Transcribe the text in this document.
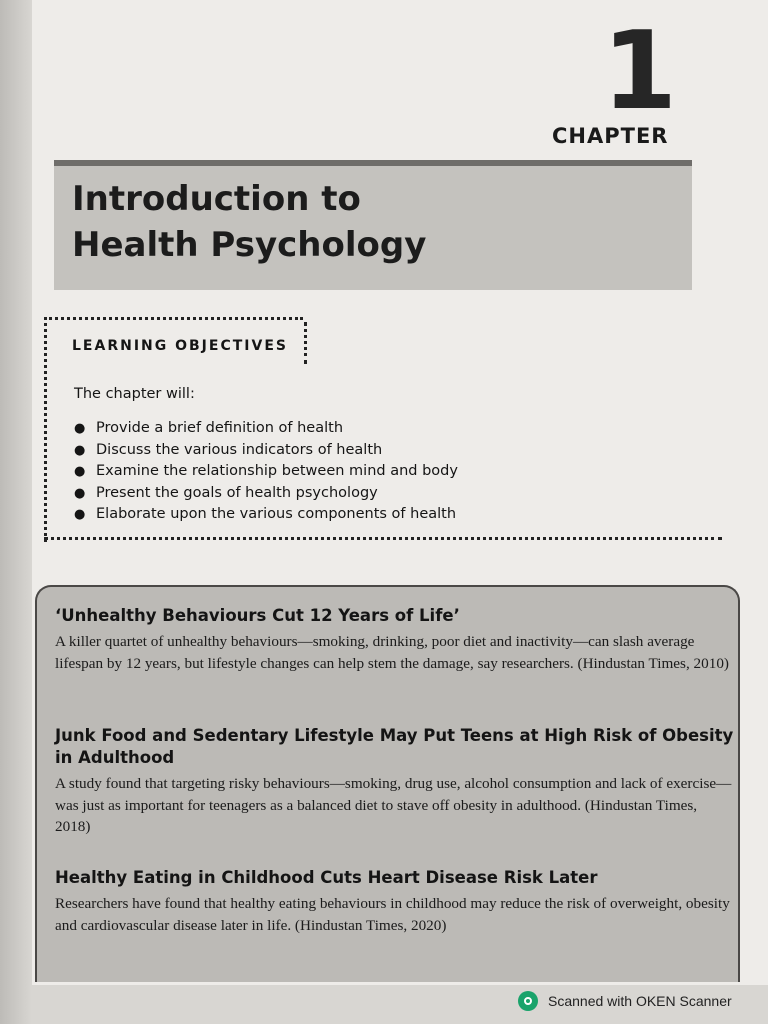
1
CHAPTER
Introduction to
Health Psychology
LEARNING OBJECTIVES
The chapter will:
● Provide a brief definition of health
● Discuss the various indicators of health
● Examine the relationship between mind and body
● Present the goals of health psychology
● Elaborate upon the various components of health

‘Unhealthy Behaviours Cut 12 Years of Life’

A killer quartet of unhealthy behaviours—smoking, drinking, poor diet and inactivity—can slash average lifespan by 12 years, but lifestyle changes can help stem the damage, say researchers. (Hindustan Times, 2010)

Junk Food and Sedentary Lifestyle May Put Teens at High Risk of Obesity in Adulthood

A study found that targeting risky behaviours—smoking, drug use, alcohol consumption and lack of exercise—was just as important for teenagers as a balanced diet to stave off obesity in adulthood. (Hindustan Times, 2018)

Healthy Eating in Childhood Cuts Heart Disease Risk Later

Researchers have found that healthy eating behaviours in childhood may reduce the risk of overweight, obesity and cardiovascular disease later in life. (Hindustan Times, 2020)

Scanned with OKEN Scanner
